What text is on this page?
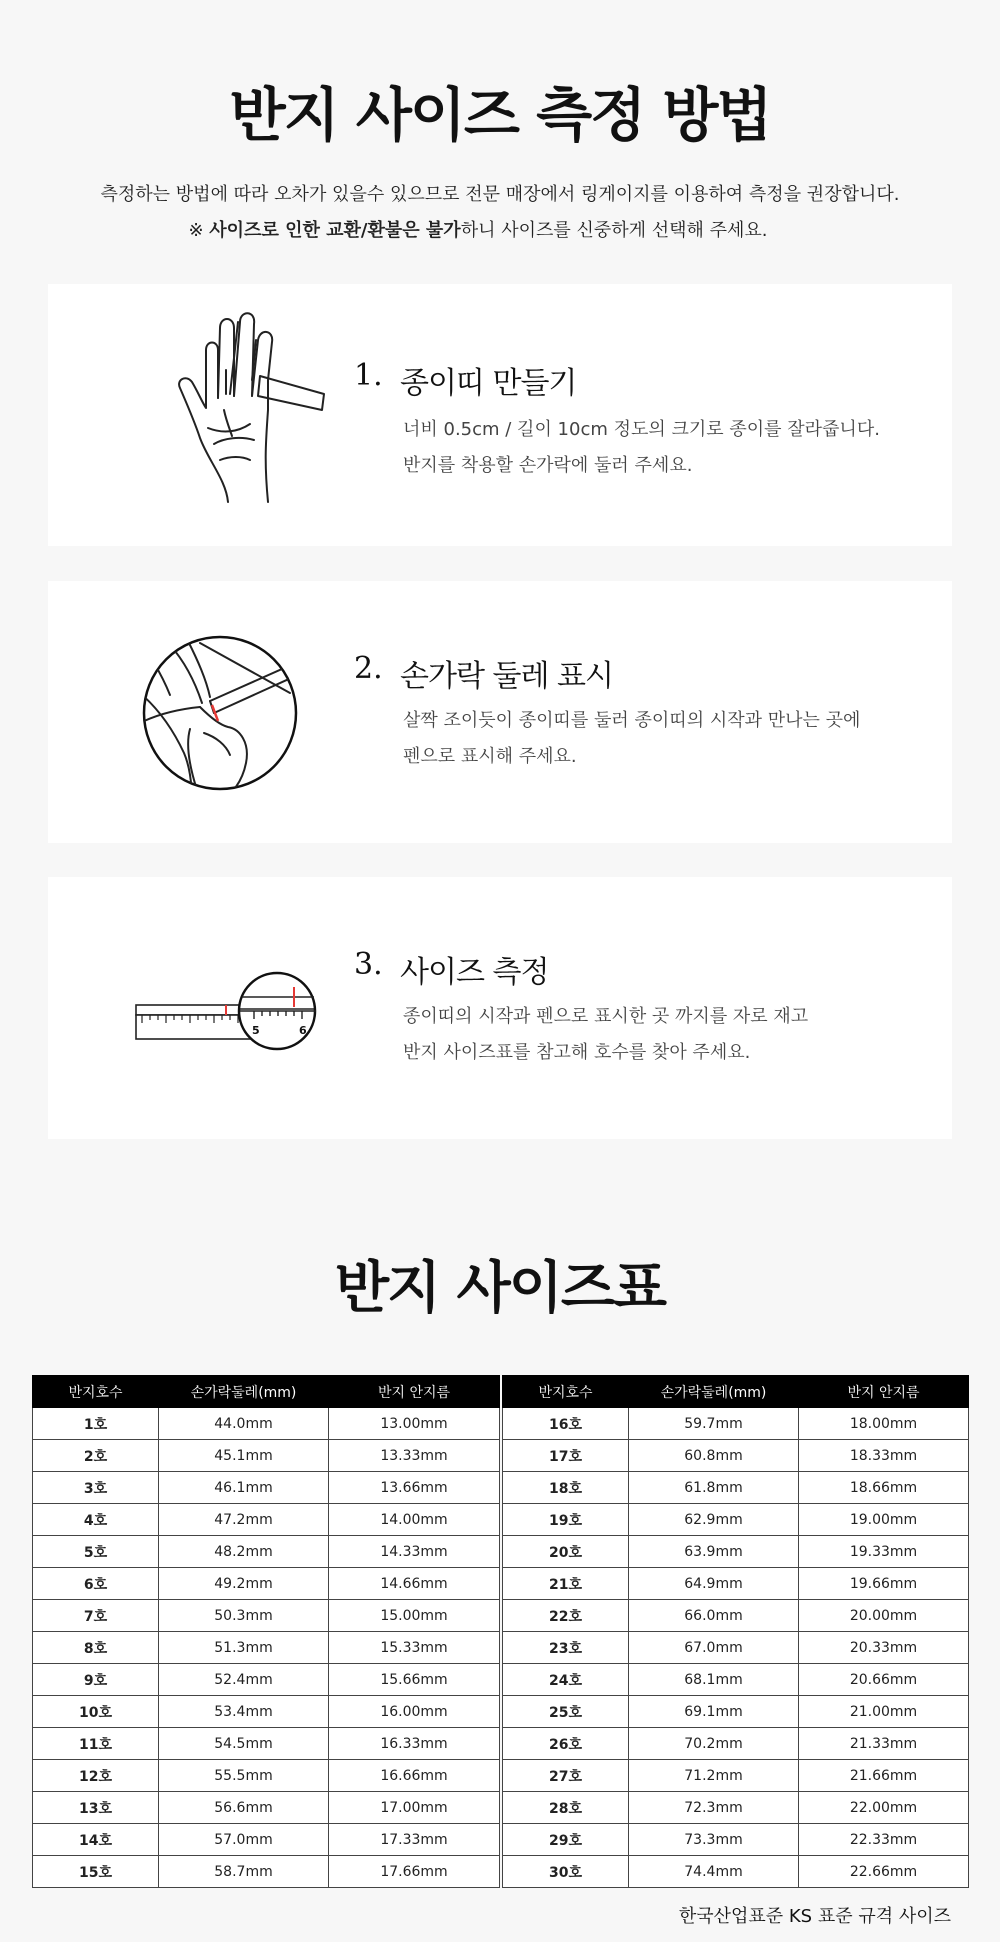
반지 사이즈 측정 방법
측정하는 방법에 따라 오차가 있을수 있으므로 전문 매장에서 링게이지를 이용하여 측정을 권장합니다.
※ 사이즈로 인한 교환/환불은 불가하니 사이즈를 신중하게 선택해 주세요.
1. 종이띠 만들기
너비 0.5cm / 길이 10cm 정도의 크기로 종이를 잘라줍니다.
반지를 착용할 손가락에 둘러 주세요.
2. 손가락 둘레 표시
살짝 조이듯이 종이띠를 둘러 종이띠의 시작과 만나는 곳에
펜으로 표시해 주세요.
5	6
3. 사이즈 측정
종이띠의 시작과 펜으로 표시한 곳 까지를 자로 재고
반지 사이즈표를 참고해 호수를 찾아 주세요.
반지 사이즈표
반지호수	손가락둘레(mm)	반지 안지름
1호	44.0mm	13.00mm
2호	45.1mm	13.33mm
3호	46.1mm	13.66mm
4호	47.2mm	14.00mm
5호	48.2mm	14.33mm
6호	49.2mm	14.66mm
7호	50.3mm	15.00mm
8호	51.3mm	15.33mm
9호	52.4mm	15.66mm
10호	53.4mm	16.00mm
11호	54.5mm	16.33mm
12호	55.5mm	16.66mm
13호	56.6mm	17.00mm
14호	57.0mm	17.33mm
15호	58.7mm	17.66mm
반지호수	손가락둘레(mm)	반지 안지름
16호	59.7mm	18.00mm
17호	60.8mm	18.33mm
18호	61.8mm	18.66mm
19호	62.9mm	19.00mm
20호	63.9mm	19.33mm
21호	64.9mm	19.66mm
22호	66.0mm	20.00mm
23호	67.0mm	20.33mm
24호	68.1mm	20.66mm
25호	69.1mm	21.00mm
26호	70.2mm	21.33mm
27호	71.2mm	21.66mm
28호	72.3mm	22.00mm
29호	73.3mm	22.33mm
30호	74.4mm	22.66mm
한국산업표준 KS 표준 규격 사이즈
